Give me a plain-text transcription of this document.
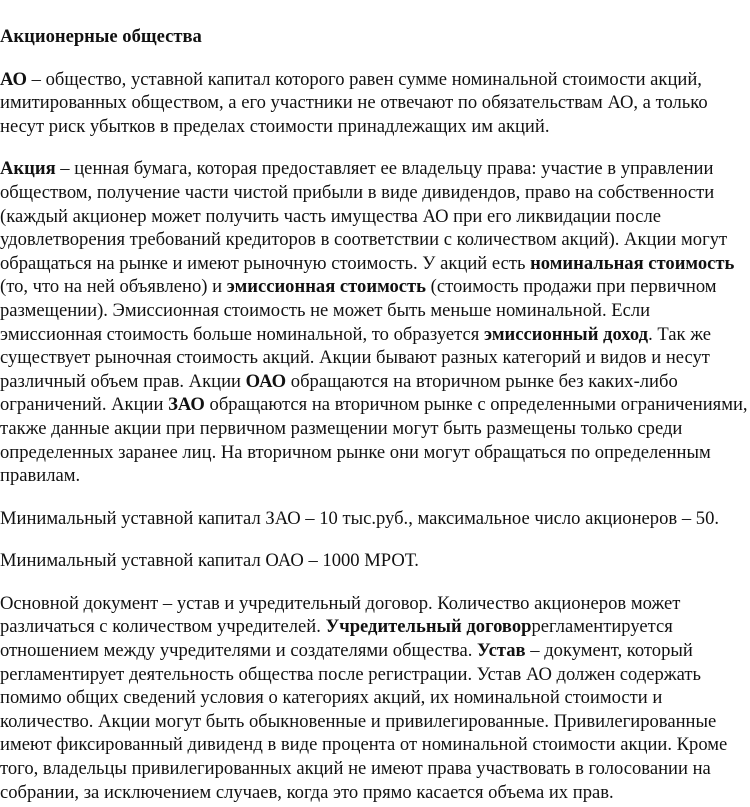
Акционерные общества

АО – общество, уставной капитал которого равен сумме номинальной стоимости акций, имитированных обществом, а его участники не отвечают по обязательствам АО, а только несут риск убытков в пределах стоимости принадлежащих им акций.

Акция – ценная бумага, которая предоставляет ее владельцу права: участие в управлении обществом, получение части чистой прибыли в виде дивидендов, право на собственности (каждый акционер может получить часть имущества АО при его ликвидации после удовлетворения требований кредиторов в соответствии с количеством акций). Акции могут обращаться на рынке и имеют рыночную стоимость. У акций есть номинальная стоимость (то, что на ней объявлено) и эмиссионная стоимость (стоимость продажи при первичном размещении). Эмиссионная стоимость не может быть меньше номинальной. Если эмиссионная стоимость больше номинальной, то образуется эмиссионный доход. Так же существует рыночная стоимость акций. Акции бывают разных категорий и видов и несут различный объем прав. Акции ОАО обращаются на вторичном рынке без каких-либо ограничений. Акции ЗАО обращаются на вторичном рынке с определенными ограничениями, также данные акции при первичном размещении могут быть размещены только среди определенных заранее лиц. На вторичном рынке они могут обращаться по определенным правилам.

Минимальный уставной капитал ЗАО – 10 тыс.руб., максимальное число акционеров – 50.

Минимальный уставной капитал ОАО – 1000 МРОТ.

Основной документ – устав и учредительный договор. Количество акционеров может различаться с количеством учредителей. Учредительный договоррегламентируется отношением между учредителями и создателями общества. Устав – документ, который регламентирует деятельность общества после регистрации. Устав АО должен содержать помимо общих сведений условия о категориях акций, их номинальной стоимости и количество. Акции могут быть обыкновенные и привилегированные. Привилегированные имеют фиксированный дивиденд в виде процента от номинальной стоимости акции. Кроме того, владельцы привилегированных акций не имеют права участвовать в голосовании на собрании, за исключением случаев, когда это прямо касается объема их прав.
